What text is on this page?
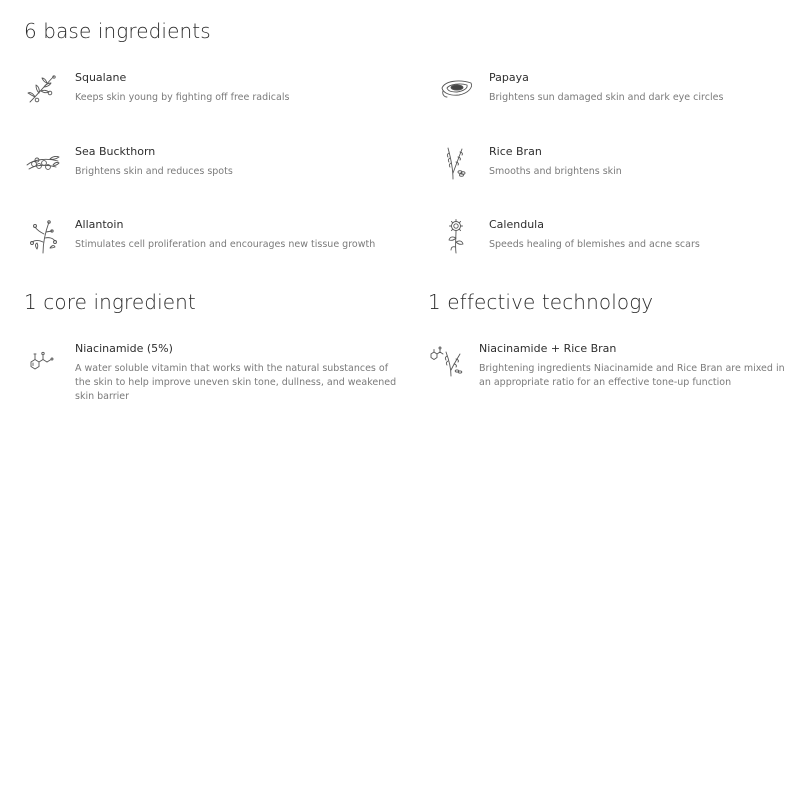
6 base ingredients
Squalane
Keeps skin young by fighting off free radicals
Papaya
Brightens sun damaged skin and dark eye circles
Sea Buckthorn
Brightens skin and reduces spots
Rice Bran
Smooths and brightens skin
Allantoin
Stimulates cell proliferation and encourages new tissue growth
Calendula
Speeds healing of blemishes and acne scars
1 core ingredient
Niacinamide (5%)
A water soluble vitamin that works with the natural substances of the skin to help improve uneven skin tone, dullness, and weakened skin barrier
1 effective technology
Niacinamide + Rice Bran
Brightening ingredients Niacinamide and Rice Bran are mixed in an appropriate ratio for an effective tone-up function
